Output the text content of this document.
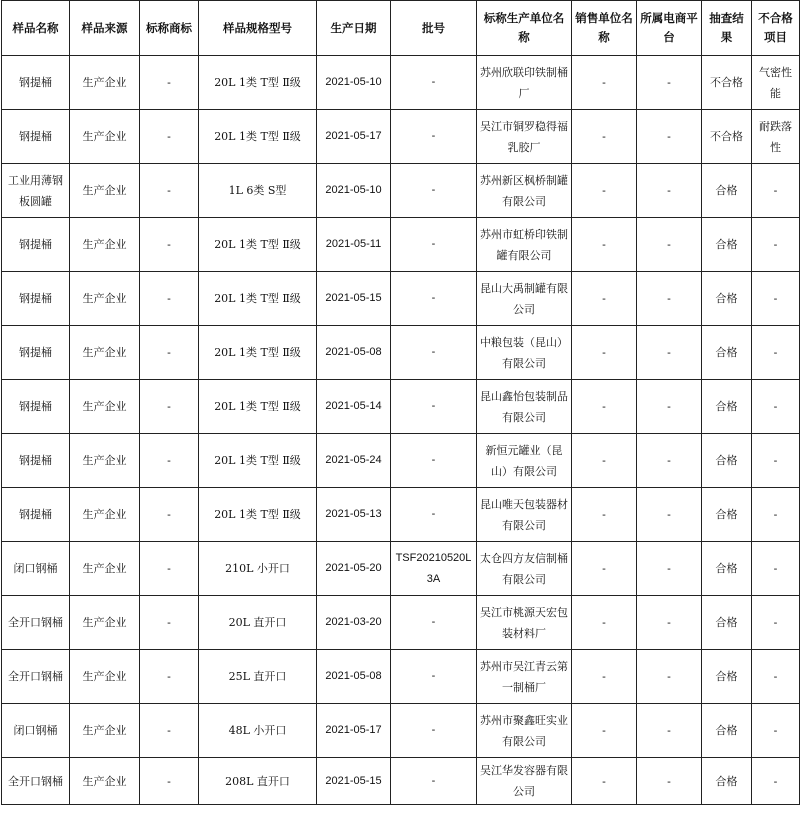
样品名称	样品来源	标称商标	样品规格型号	生产日期	批号	标称生产单位名称	销售单位名称	所属电商平台	抽查结果	不合格项目
钢提桶	生产企业	-	20L 1类 T型 Ⅱ级	2021-05-10	-	苏州欣联印铁制桶厂	-	-	不合格	气密性能
钢提桶	生产企业	-	20L 1类 T型 Ⅱ级	2021-05-17	-	吴江市铜罗稳得福乳胶厂	-	-	不合格	耐跌落性
工业用薄钢板圆罐	生产企业	-	1L 6类 S型	2021-05-10	-	苏州新区枫桥制罐有限公司	-	-	合格	-
钢提桶	生产企业	-	20L 1类 T型 Ⅱ级	2021-05-11	-	苏州市虹桥印铁制罐有限公司	-	-	合格	-
钢提桶	生产企业	-	20L 1类 T型 Ⅱ级	2021-05-15	-	昆山大禹制罐有限公司	-	-	合格	-
钢提桶	生产企业	-	20L 1类 T型 Ⅱ级	2021-05-08	-	中粮包装（昆山）有限公司	-	-	合格	-
钢提桶	生产企业	-	20L 1类 T型 Ⅱ级	2021-05-14	-	昆山鑫怡包装制品有限公司	-	-	合格	-
钢提桶	生产企业	-	20L 1类 T型 Ⅱ级	2021-05-24	-	新恒元罐业（昆山）有限公司	-	-	合格	-
钢提桶	生产企业	-	20L 1类 T型 Ⅱ级	2021-05-13	-	昆山唯天包装器材有限公司	-	-	合格	-
闭口钢桶	生产企业	-	210L 小开口	2021-05-20	TSF20210520L3A	太仓四方友信制桶有限公司	-	-	合格	-
全开口钢桶	生产企业	-	20L 直开口	2021-03-20	-	吴江市桃源天宏包装材料厂	-	-	合格	-
全开口钢桶	生产企业	-	25L 直开口	2021-05-08	-	苏州市吴江青云第一制桶厂	-	-	合格	-
闭口钢桶	生产企业	-	48L 小开口	2021-05-17	-	苏州市聚鑫旺实业有限公司	-	-	合格	-
全开口钢桶	生产企业	-	208L 直开口	2021-05-15	-	吴江华发容器有限公司	-	-	合格	-
